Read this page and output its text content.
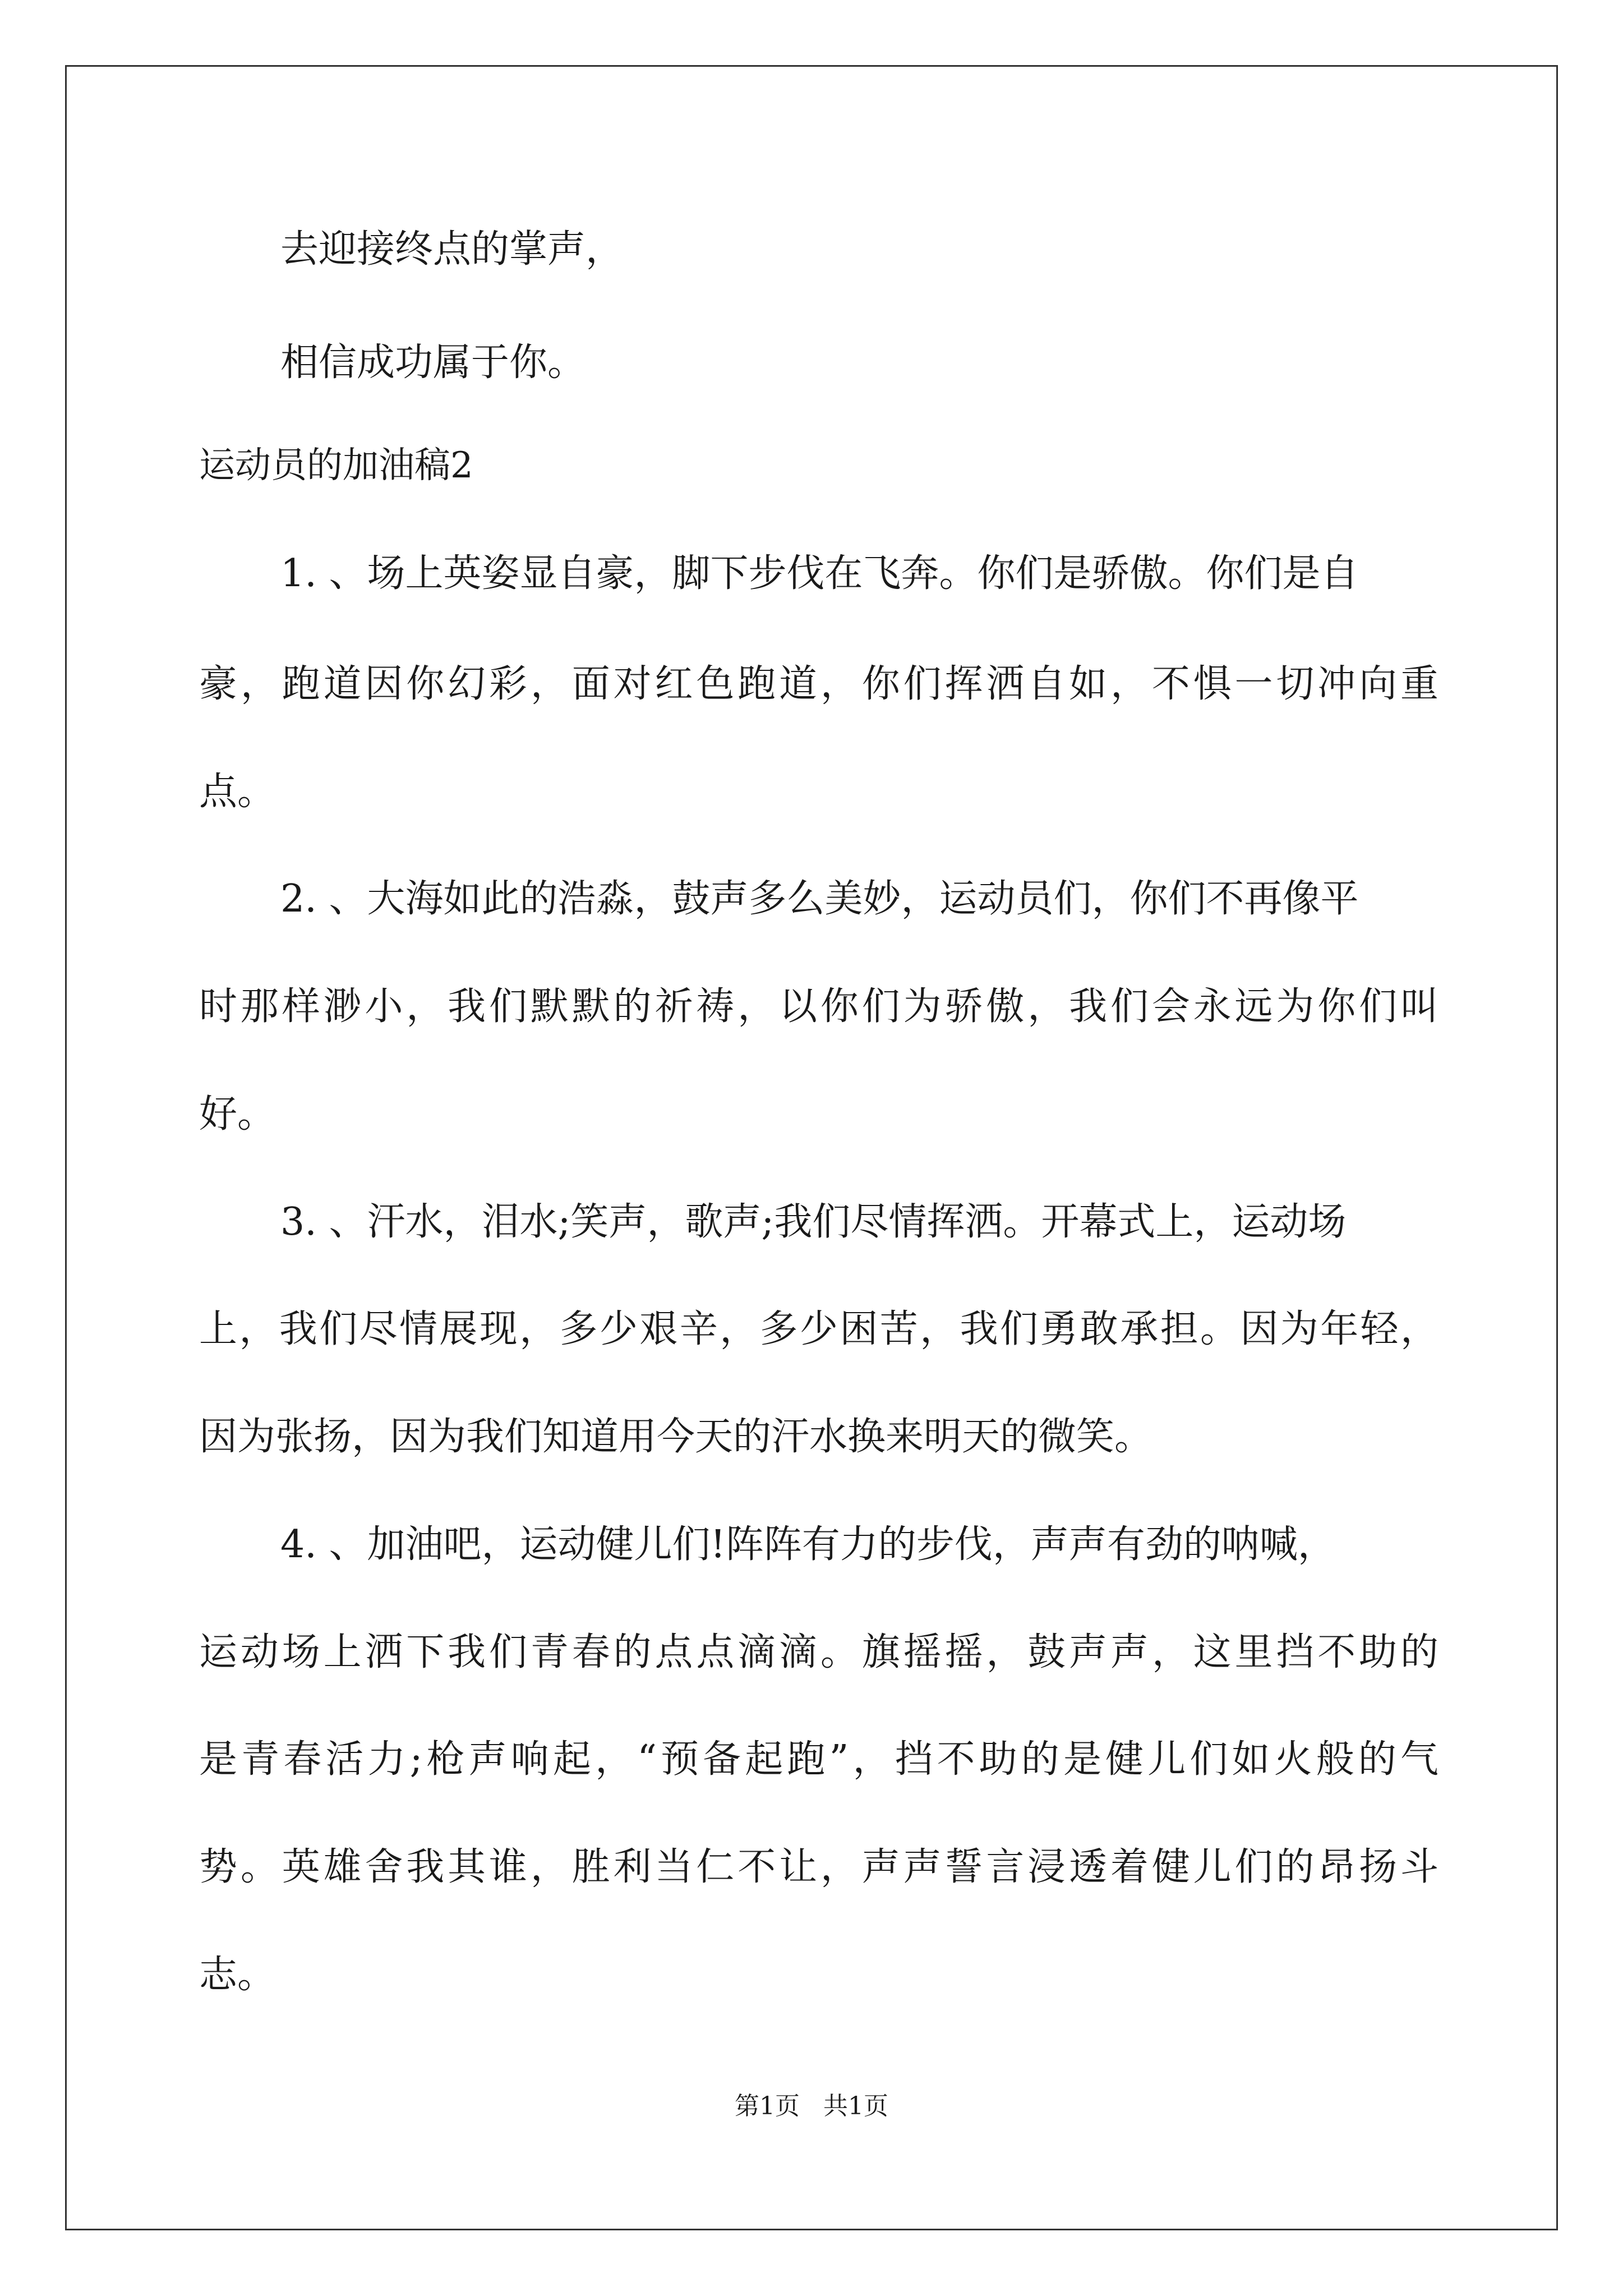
去迎接终点的掌声，
相信成功属于你。
运动员的加油稿2
1. 、场上英姿显自豪，脚下步伐在飞奔。你们是骄傲。你们是自
豪，跑道因你幻彩，面对红色跑道，你们挥洒自如，不惧一切冲向重
点。
2. 、大海如此的浩淼，鼓声多么美妙，运动员们，你们不再像平
时那样渺小，我们默默的祈祷，以你们为骄傲，我们会永远为你们叫
好。
3. 、汗水，泪水;笑声，歌声;我们尽情挥洒。开幕式上，运动场
上，我们尽情展现，多少艰辛，多少困苦，我们勇敢承担。因为年轻，
因为张扬，因为我们知道用今天的汗水换来明天的微笑。
4. 、加油吧，运动健儿们!阵阵有力的步伐，声声有劲的呐喊，
运动场上洒下我们青春的点点滴滴。旗摇摇，鼓声声，这里挡不助的
是青春活力;枪声响起，“预备起跑”，挡不助的是健儿们如火般的气
势。英雄舍我其谁，胜利当仁不让，声声誓言浸透着健儿们的昂扬斗
志。
第1页 共1页
